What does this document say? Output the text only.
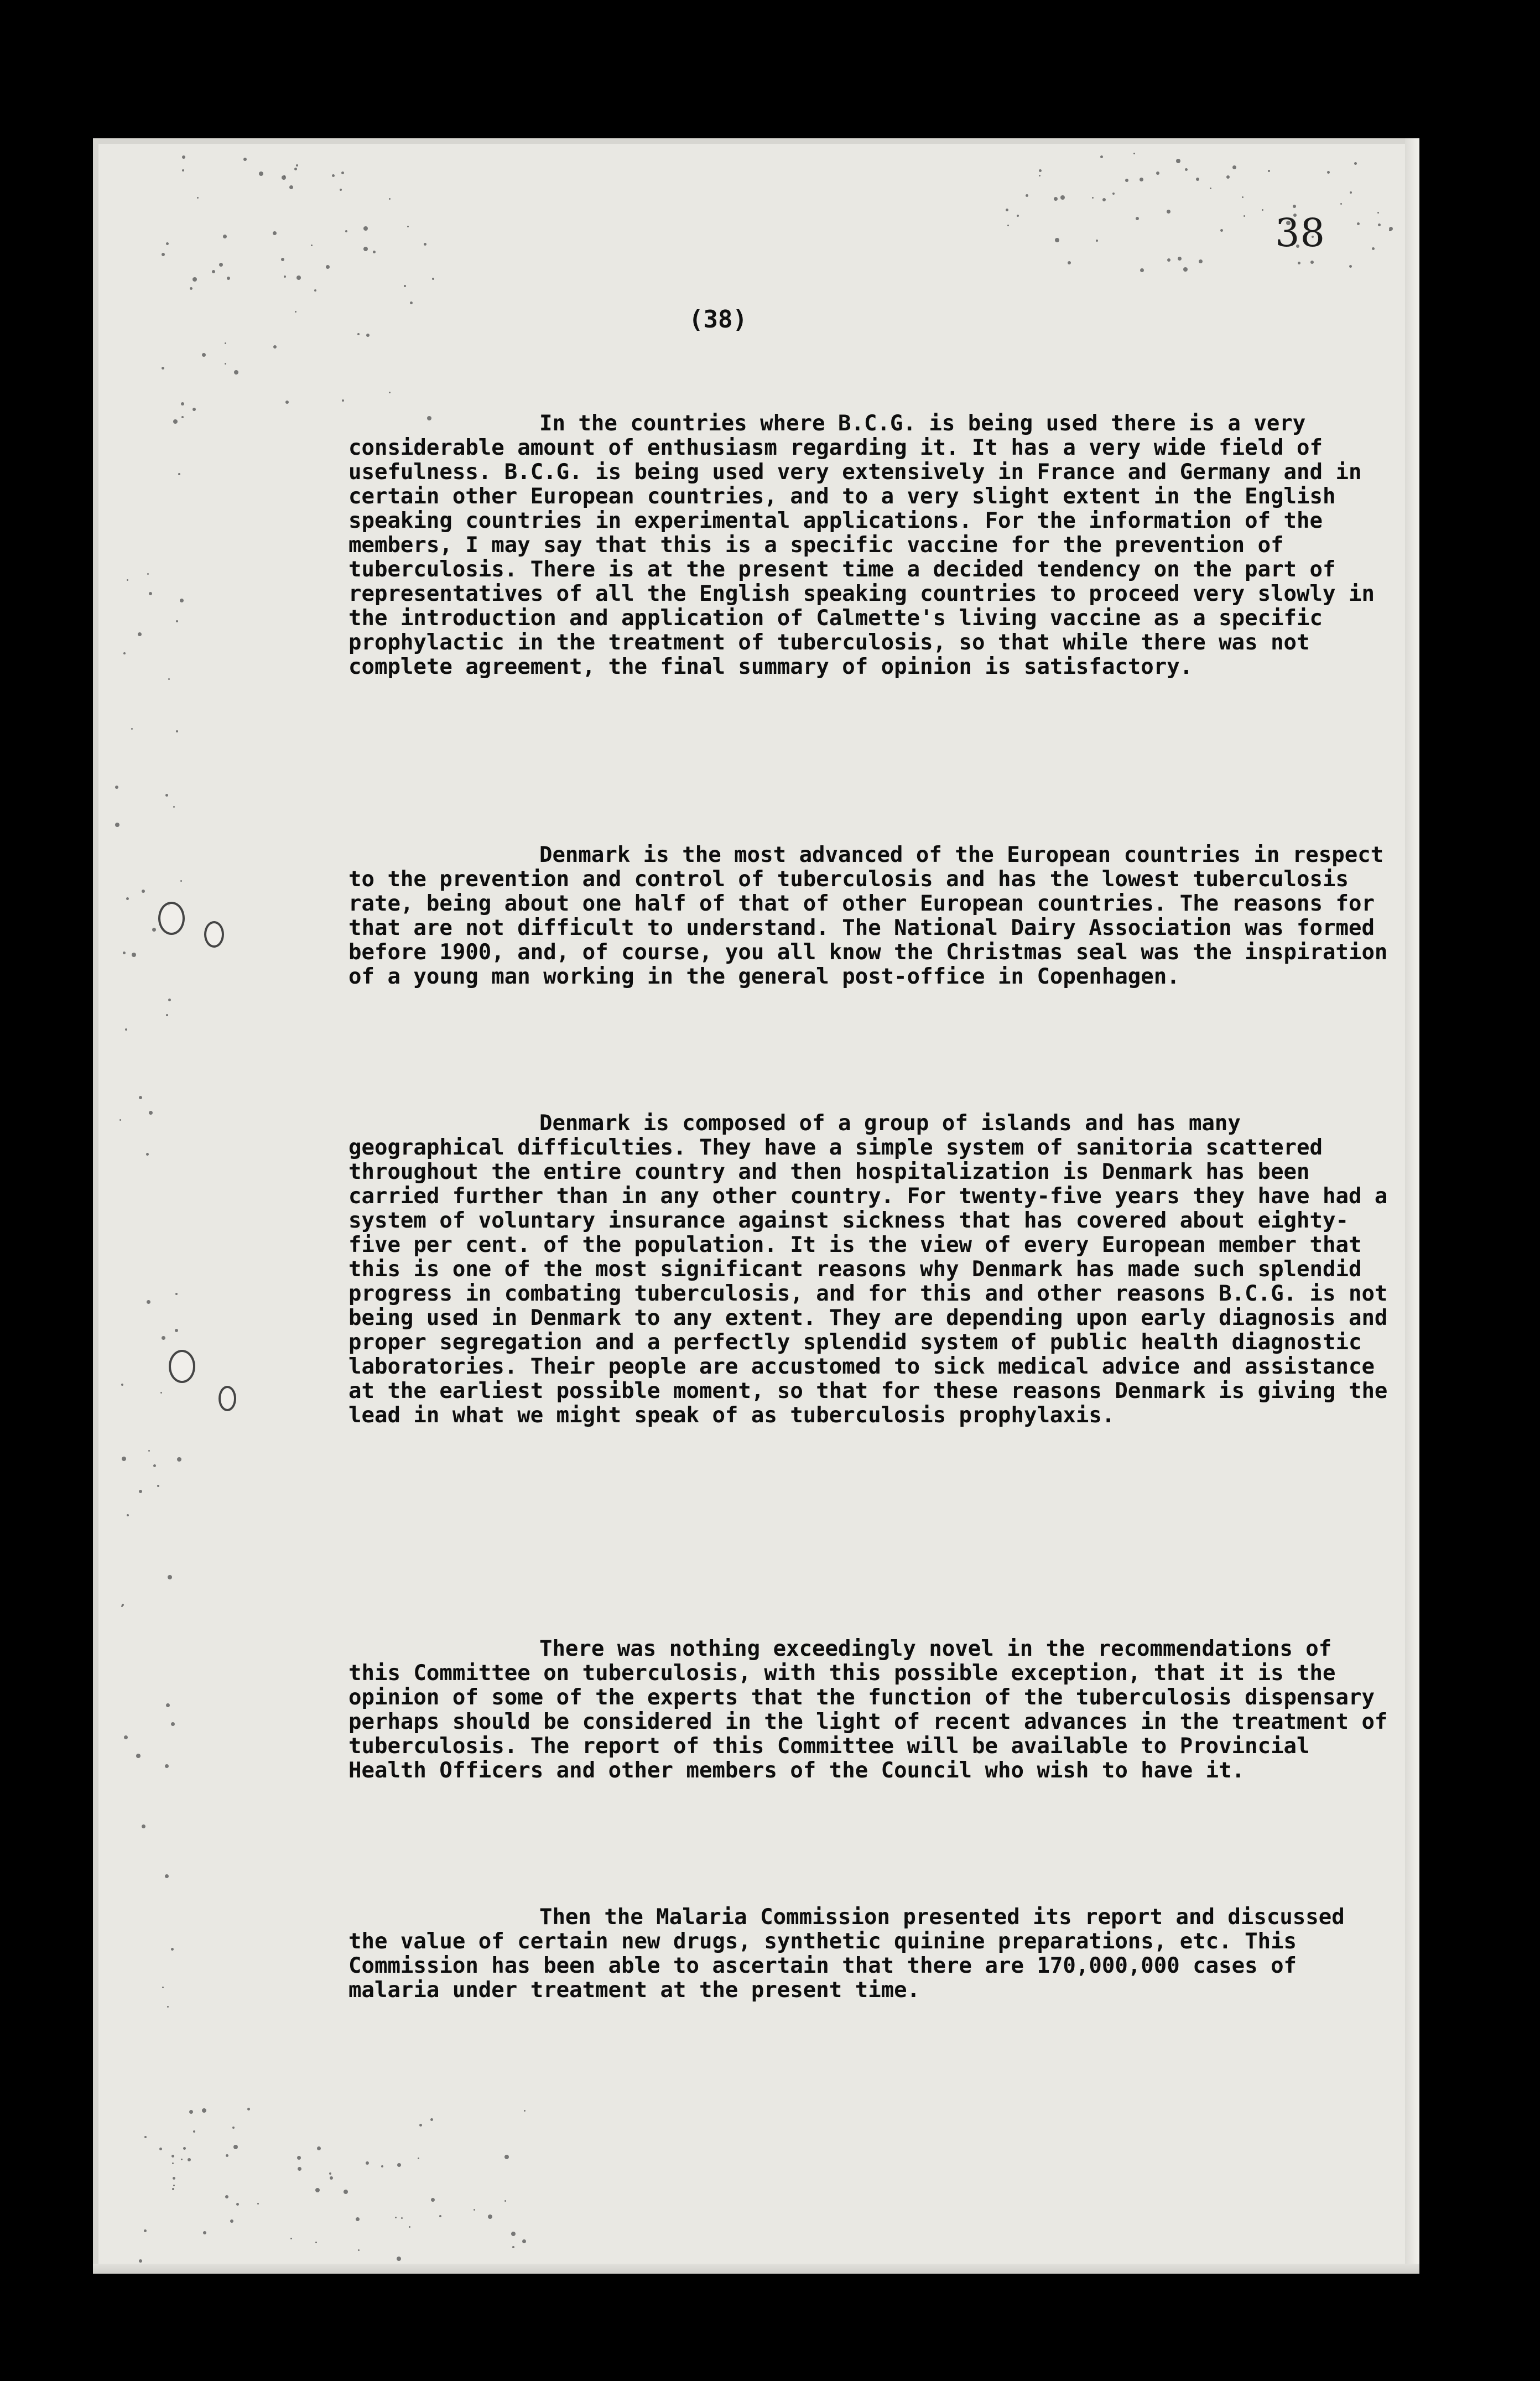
38
(38)

In the countries where B.C.G. is being used there is a very considerable amount of enthusiasm regarding it. It has a very wide field of usefulness. B.C.G. is being used very extensively in France and Germany and in certain other European countries, and to a very slight extent in the English speaking countries in experimental applications. For the information of the members, I may say that this is a specific vaccine for the prevention of tuberculosis. There is at the present time a decided tendency on the part of representatives of all the English speaking countries to proceed very slowly in the introduction and application of Calmette's living vaccine as a specific prophylactic in the treatment of tuberculosis, so that while there was not complete agreement, the final summary of opinion is satisfactory.

Denmark is the most advanced of the European countries in respect to the prevention and control of tuberculosis and has the lowest tuberculosis rate, being about one half of that of other European countries. The reasons for that are not difficult to understand. The National Dairy Association was formed before 1900, and, of course, you all know the Christmas seal was the inspiration of a young man working in the general post-office in Copenhagen.

Denmark is composed of a group of islands and has many geographical difficulties. They have a simple system of sanitoria scattered throughout the entire country and then hospitalization is Denmark has been carried further than in any other country. For twenty-five years they have had a system of voluntary insurance against sickness that has covered about eighty-five per cent. of the population. It is the view of every European member that this is one of the most significant reasons why Denmark has made such splendid progress in combating tuberculosis, and for this and other reasons B.C.G. is not being used in Denmark to any extent. They are depending upon early diagnosis and proper segregation and a perfectly splendid system of public health diagnostic laboratories. Their people are accustomed to sick medical advice and assistance at the earliest possible moment, so that for these reasons Denmark is giving the lead in what we might speak of as tuberculosis prophylaxis.

There was nothing exceedingly novel in the recommendations of this Committee on tuberculosis, with this possible exception, that it is the opinion of some of the experts that the function of the tuberculosis dispensary perhaps should be considered in the light of recent advances in the treatment of tuberculosis. The report of this Committee will be available to Provincial Health Officers and other members of the Council who wish to have it.

Then the Malaria Commission presented its report and discussed the value of certain new drugs, synthetic quinine preparations, etc. This Commission has been able to ascertain that there are 170,000,000 cases of malaria under treatment at the present time.
